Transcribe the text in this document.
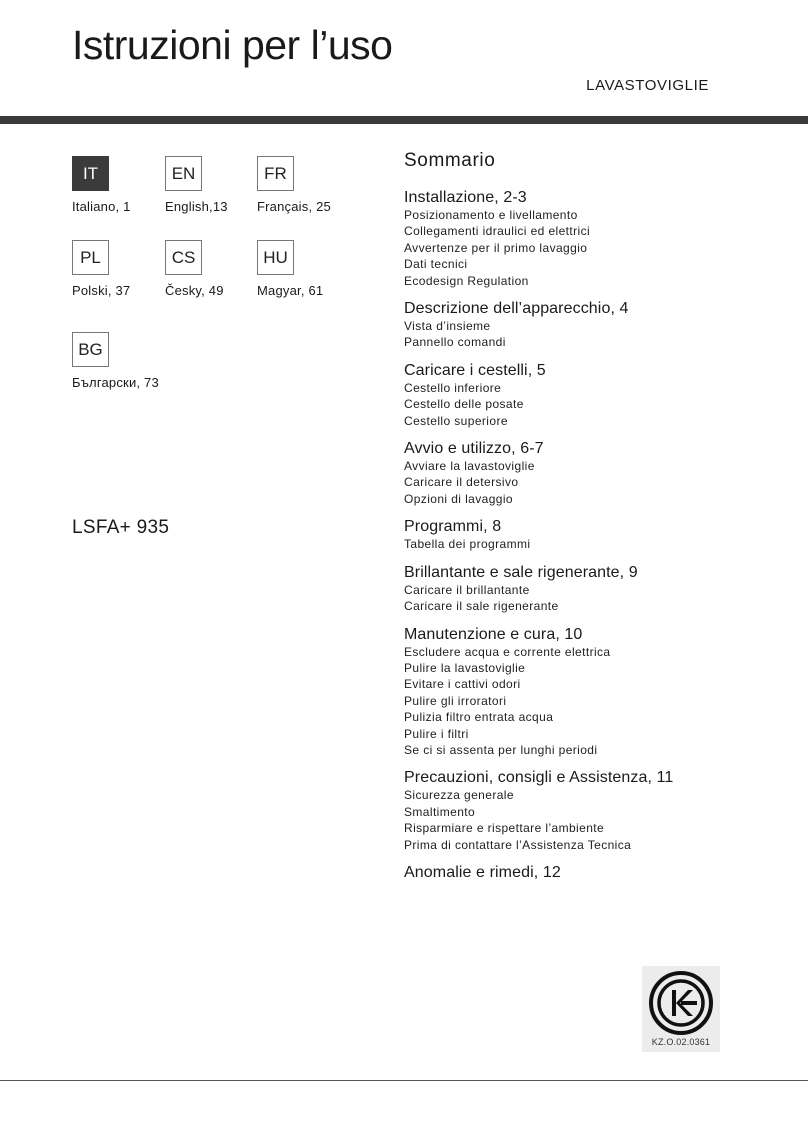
Istruzioni per l’uso
LAVASTOVIGLIE
IT
Italiano, 1
EN
English,13
FR
Français, 25
PL
Polski, 37
CS
Česky, 49
HU
Magyar, 61
BG
Български, 73
LSFA+ 935
Sommario
Installazione, 2-3
Posizionamento e livellamento
Collegamenti idraulici ed elettrici
Avvertenze per il primo lavaggio
Dati tecnici
Ecodesign Regulation
Descrizione dell’apparecchio, 4
Vista d’insieme
Pannello comandi
Caricare i cestelli, 5
Cestello inferiore
Cestello delle posate
Cestello superiore
Avvio e utilizzo, 6-7
Avviare la lavastoviglie
Caricare il detersivo
Opzioni di lavaggio
Programmi, 8
Tabella dei programmi
Brillantante e sale rigenerante, 9
Caricare il brillantante
Caricare il sale rigenerante
Manutenzione e cura, 10
Escludere acqua e corrente elettrica
Pulire la lavastoviglie
Evitare i cattivi odori
Pulire gli irroratori
Pulizia filtro entrata acqua
Pulire i filtri
Se ci si assenta per lunghi periodi
Precauzioni, consigli e Assistenza, 11
Sicurezza generale
Smaltimento
Risparmiare e rispettare l’ambiente
Prima di contattare l’Assistenza Tecnica
Anomalie e rimedi, 12
KZ.O.02.0361
